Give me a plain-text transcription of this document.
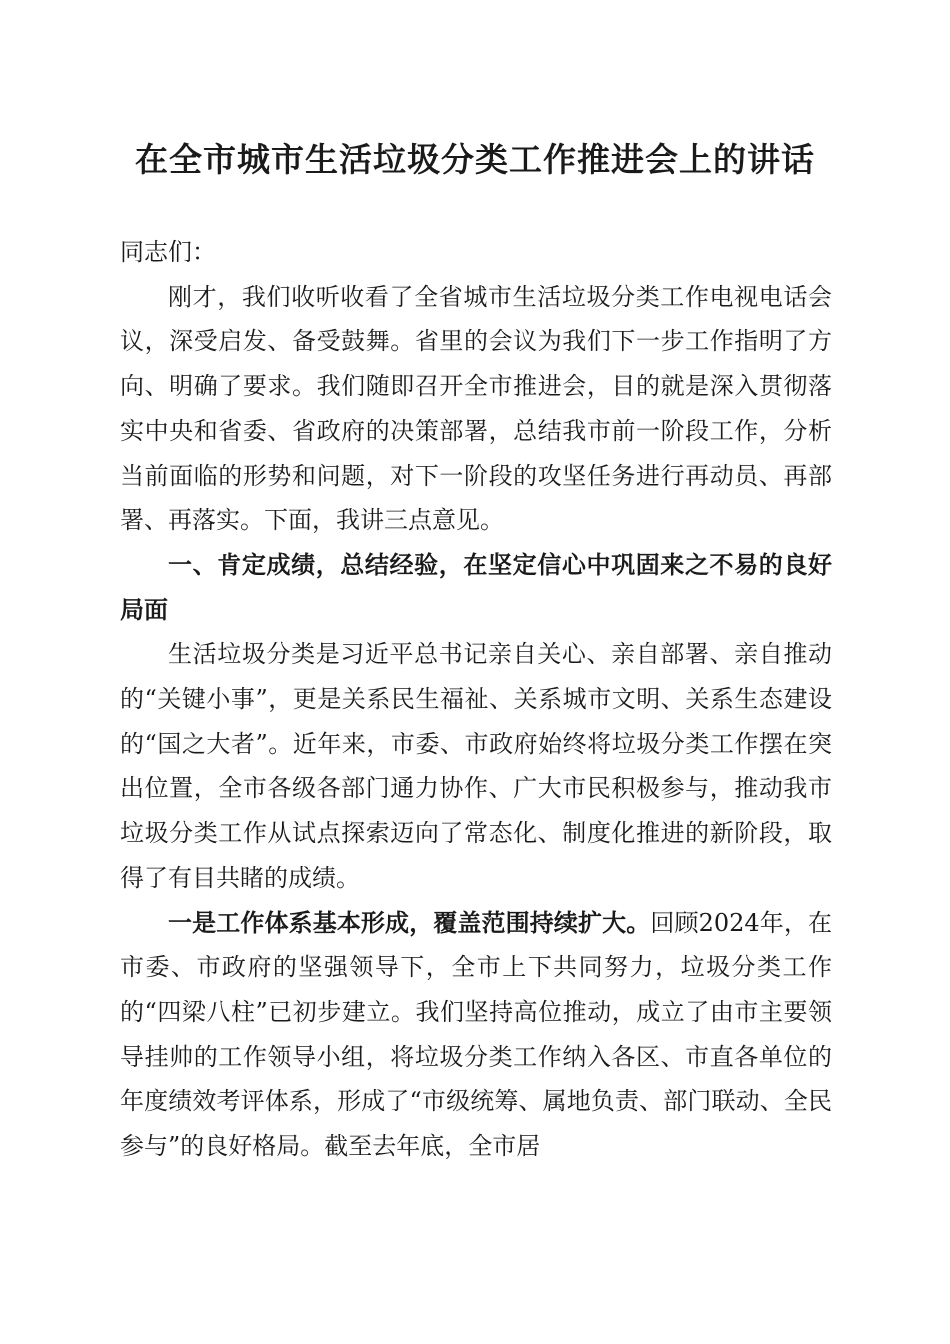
在全市城市生活垃圾分类工作推进会上的讲话

同志们：

刚才，我们收听收看了全省城市生活垃圾分类工作电视电话会议，深受启发、备受鼓舞。省里的会议为我们下一步工作指明了方向、明确了要求。我们随即召开全市推进会，目的就是深入贯彻落实中央和省委、省政府的决策部署，总结我市前一阶段工作，分析当前面临的形势和问题，对下一阶段的攻坚任务进行再动员、再部署、再落实。下面，我讲三点意见。

一、肯定成绩，总结经验，在坚定信心中巩固来之不易的良好局面

生活垃圾分类是习近平总书记亲自关心、亲自部署、亲自推动的“关键小事”，更是关系民生福祉、关系城市文明、关系生态建设的“国之大者”。近年来，市委、市政府始终将垃圾分类工作摆在突出位置，全市各级各部门通力协作、广大市民积极参与，推动我市垃圾分类工作从试点探索迈向了常态化、制度化推进的新阶段，取得了有目共睹的成绩。

一是工作体系基本形成，覆盖范围持续扩大。回顾2024年，在市委、市政府的坚强领导下，全市上下共同努力，垃圾分类工作的“四梁八柱”已初步建立。我们坚持高位推动，成立了由市主要领导挂帅的工作领导小组，将垃圾分类工作纳入各区、市直各单位的年度绩效考评体系，形成了“市级统筹、属地负责、部门联动、全民参与”的良好格局。截至去年底，全市居
